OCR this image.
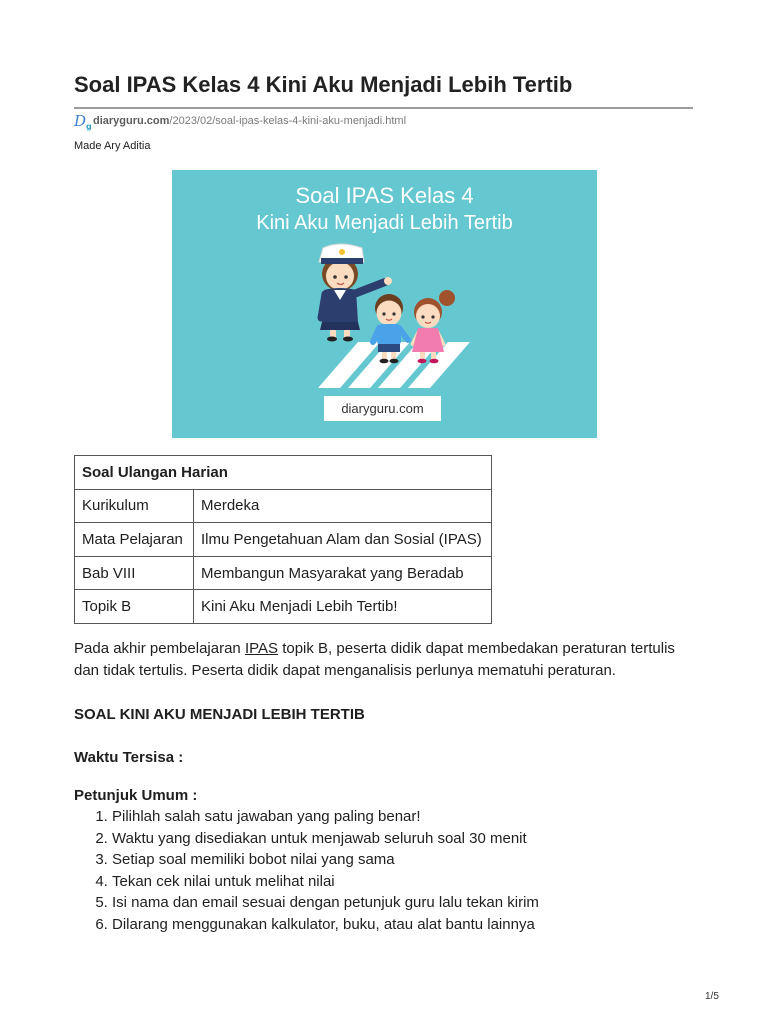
Soal IPAS Kelas 4 Kini Aku Menjadi Lebih Tertib
$D_gdiaryguru.com/2023/02/soal-ipas-kelas-4-kini-aku-menjadi.html$
Made Ary Aditia
Soal IPAS Kelas 4
Kini Aku Menjadi Lebih Tertib
diaryguru.com
Soal Ulangan Harian	
Kurikulum	Merdeka
Mata Pelajaran	Ilmu Pengetahuan Alam dan Sosial (IPAS)
Bab VIII	Membangun Masyarakat yang Beradab
Topik B	Kini Aku Menjadi Lebih Tertib!

Pada akhir pembelajaran IPAS topik B, peserta didik dapat membedakan peraturan tertulis dan tidak tertulis. Peserta didik dapat menganalisis perlunya mematuhi peraturan.

SOAL KINI AKU MENJADI LEBIH TERTIB
Waktu Tersisa :
Petunjuk Umum :
1. Pilihlah salah satu jawaban yang paling benar!
2. Waktu yang disediakan untuk menjawab seluruh soal 30 menit
3. Setiap soal memiliki bobot nilai yang sama
4. Tekan cek nilai untuk melihat nilai
5. Isi nama dan email sesuai dengan petunjuk guru lalu tekan kirim
6. Dilarang menggunakan kalkulator, buku, atau alat bantu lainnya
1/5
